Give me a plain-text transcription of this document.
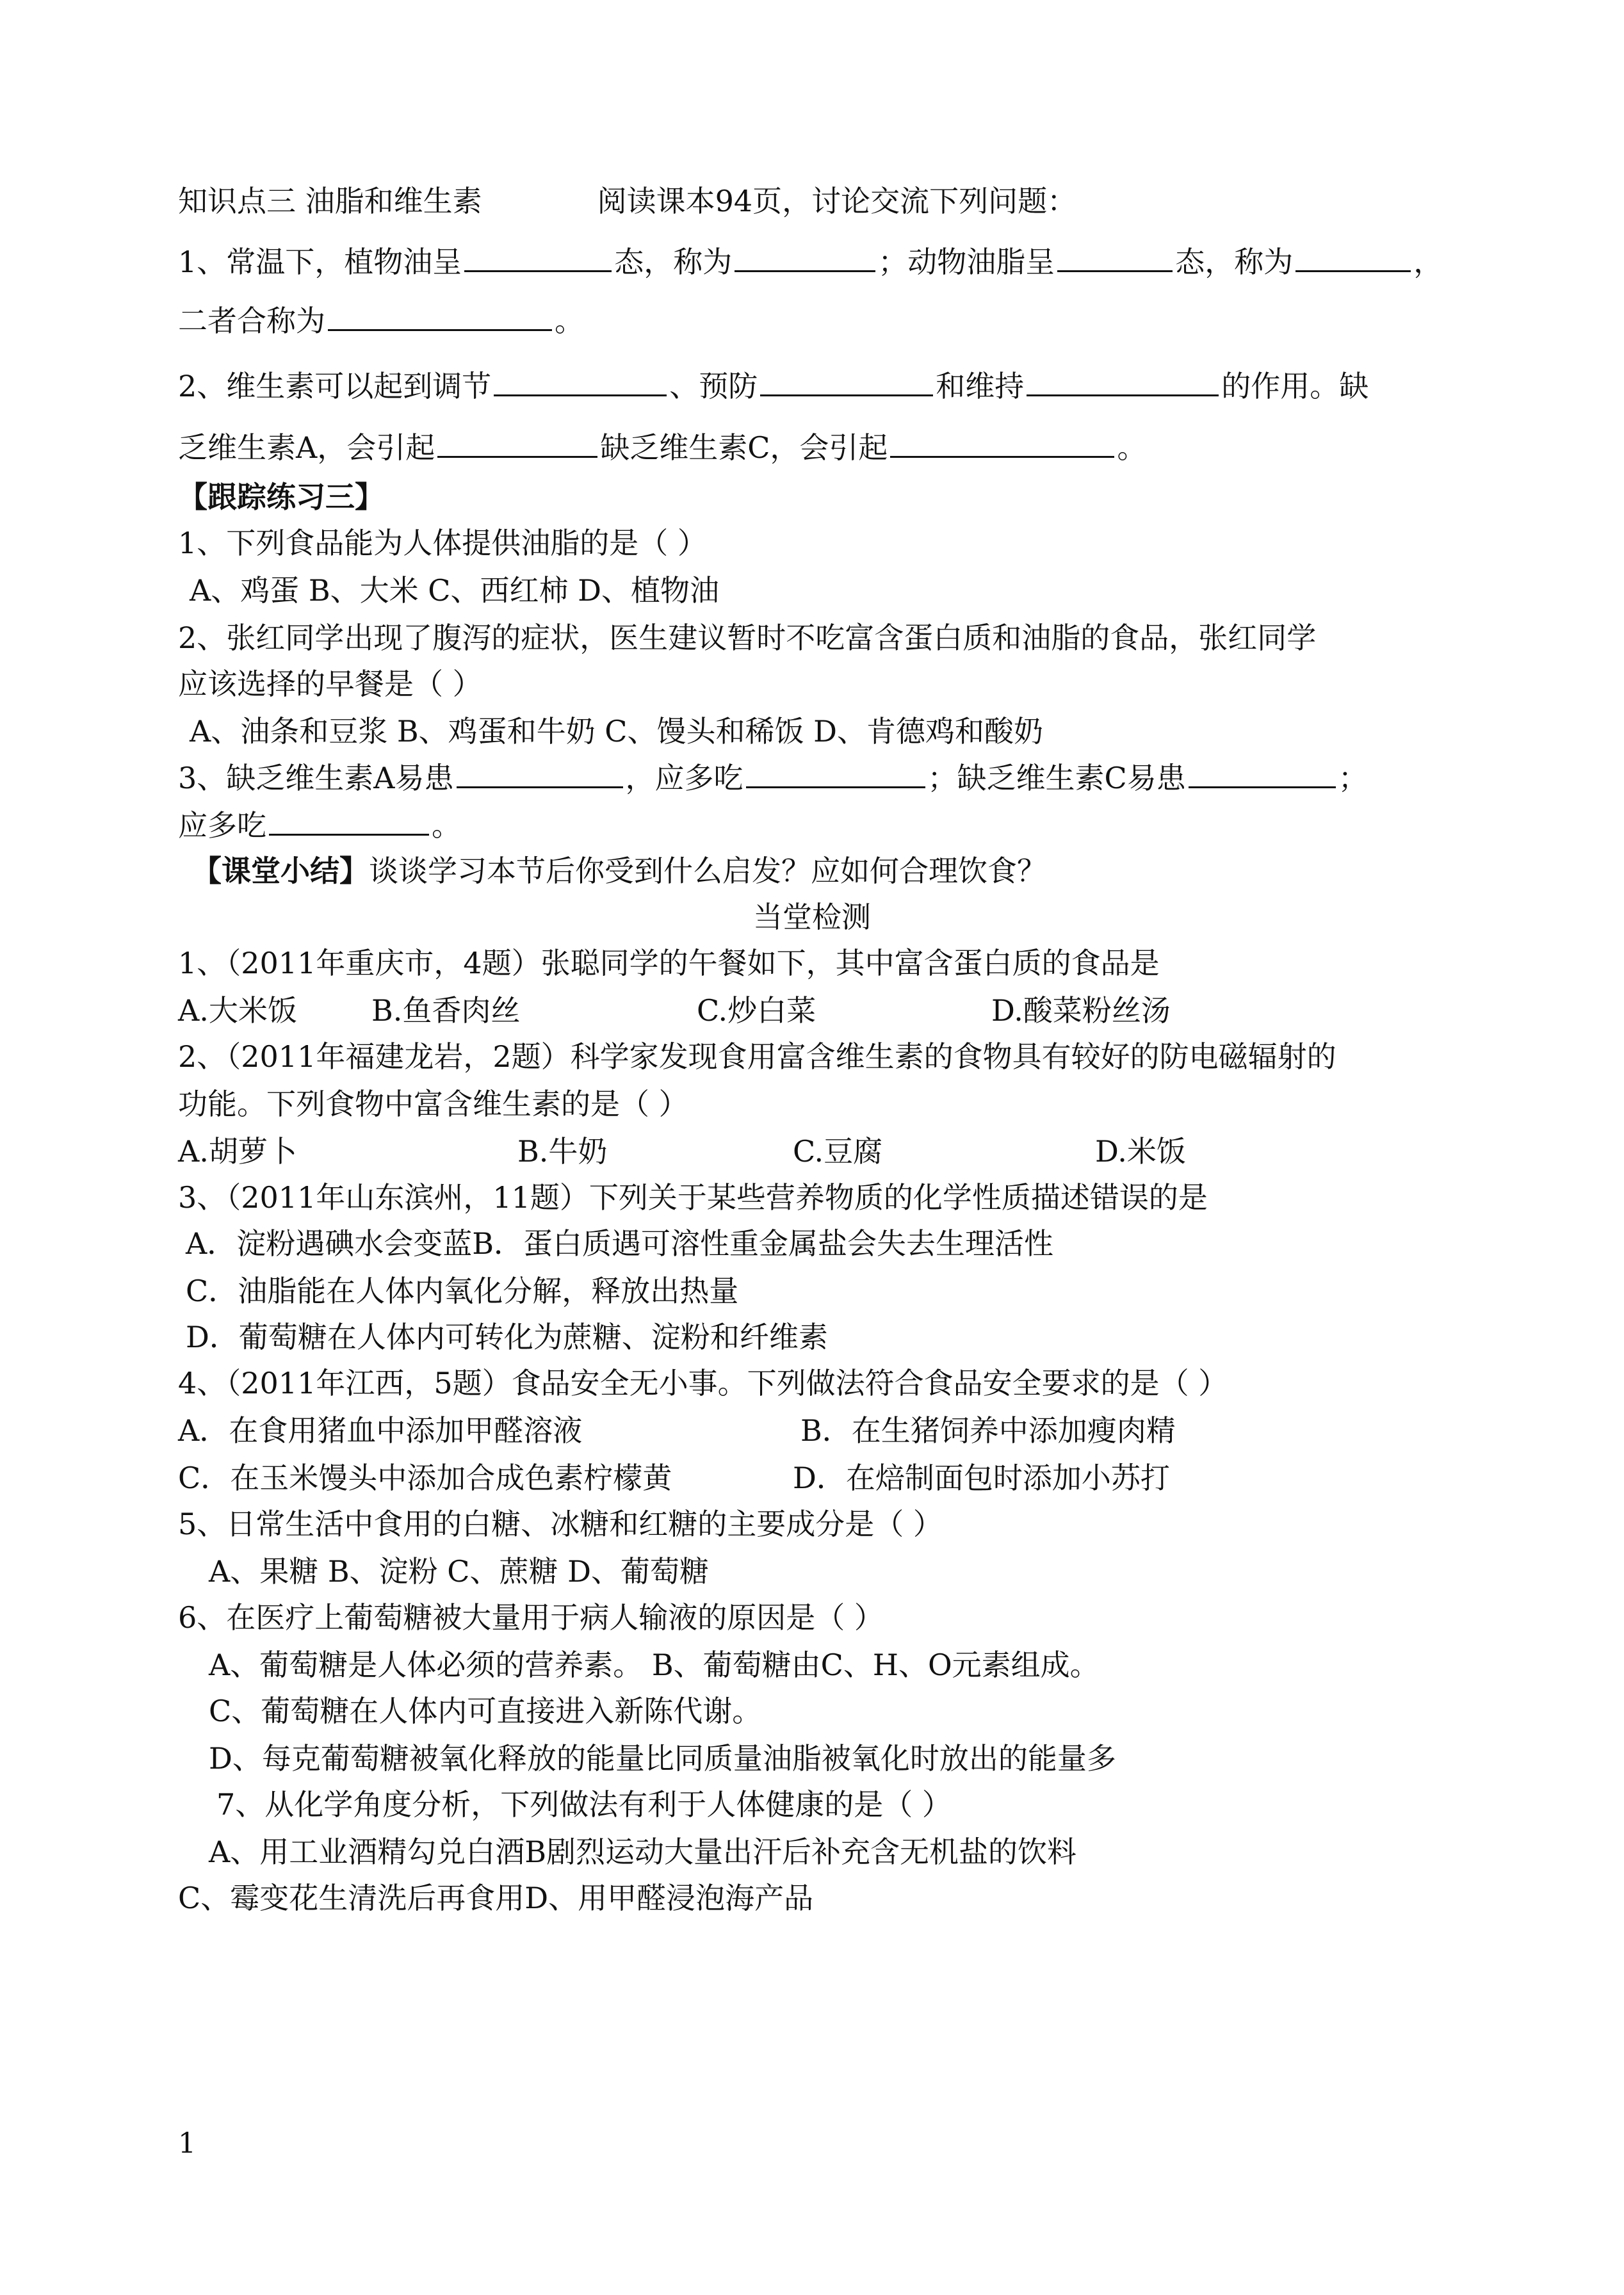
知识点三 油脂和维生素	阅读课本94页，讨论交流下列问题：
1、常温下，植物油呈	态，称为	；动物油脂呈	态，称为	，
二者合称为	。
2、维生素可以起到调节	、预防	和维持	的作用。缺
乏维生素A，会引起	缺乏维生素C，会引起	。
【跟踪练习三】
1、下列食品能为人体提供油脂的是（ ）
A、鸡蛋 B、大米 C、西红柿 D、植物油
2、张红同学出现了腹泻的症状，医生建议暂时不吃富含蛋白质和油脂的食品，张红同学
应该选择的早餐是（ ）
A、油条和豆浆 B、鸡蛋和牛奶 C、馒头和稀饭 D、肯德鸡和酸奶
3、缺乏维生素A易患	，应多吃	；缺乏维生素C易患	；
应多吃	。
【课堂小结】谈谈学习本节后你受到什么启发？应如何合理饮食？
当堂检测
1、（2011年重庆市，4题）张聪同学的午餐如下，其中富含蛋白质的食品是
A.大米饭	B.鱼香肉丝	C.炒白菜	D.酸菜粉丝汤
2、（2011年福建龙岩，2题）科学家发现食用富含维生素的食物具有较好的防电磁辐射的
功能。下列食物中富含维生素的是（ ）
A.胡萝卜	B.牛奶	C.豆腐	D.米饭
3、（2011年山东滨州，11题）下列关于某些营养物质的化学性质描述错误的是
A．淀粉遇碘水会变蓝B．蛋白质遇可溶性重金属盐会失去生理活性
C．油脂能在人体内氧化分解，释放出热量
D．葡萄糖在人体内可转化为蔗糖、淀粉和纤维素
4、（2011年江西，5题）食品安全无小事。下列做法符合食品安全要求的是（ ）
A．在食用猪血中添加甲醛溶液	B．在生猪饲养中添加瘦肉精
C．在玉米馒头中添加合成色素柠檬黄	D．在焙制面包时添加小苏打
5、日常生活中食用的白糖、冰糖和红糖的主要成分是（ ）
A、果糖 B、淀粉 C、蔗糖 D、葡萄糖
6、在医疗上葡萄糖被大量用于病人输液的原因是（ ）
A、葡萄糖是人体必须的营养素。 B、葡萄糖由C、H、O元素组成。
C、葡萄糖在人体内可直接进入新陈代谢。
D、每克葡萄糖被氧化释放的能量比同质量油脂被氧化时放出的能量多
7、从化学角度分析，下列做法有利于人体健康的是（ ）
A、用工业酒精勾兑白酒B剧烈运动大量出汗后补充含无机盐的饮料
C、霉变花生清洗后再食用D、用甲醛浸泡海产品
1
